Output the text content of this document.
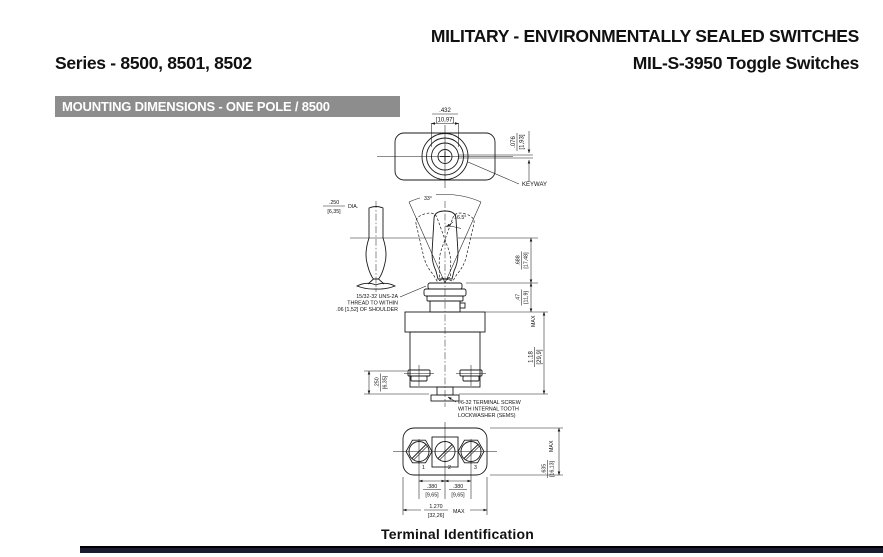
MILITARY - ENVIRONMENTALLY SEALED SWITCHES
MIL-S-3950 Toggle Switches
Series - 8500, 8501, 8502
MOUNTING DIMENSIONS - ONE POLE / 8500	.432
[10,97]
.076 [1,93]
KEYWAY
33°
16.5°
.250
[6,35]
DIA.
.250 [6,35]
.688 [17,48]
.47 [11,9]
MAX
1.18 [29,9]
15/32-32 UNS-2A
THREAD TO WITHIN
.06 [1,52] OF SHOULDER
#6-32 TERMINAL SCREW
WITH INTERNAL TOOTH
LOCKWASHER (SEMS)
1	2	3
.380
[9,65]
.380
[9,65]
1.270
[32,26]
MAX
MAX
.635 [16,13]
Terminal Identification
